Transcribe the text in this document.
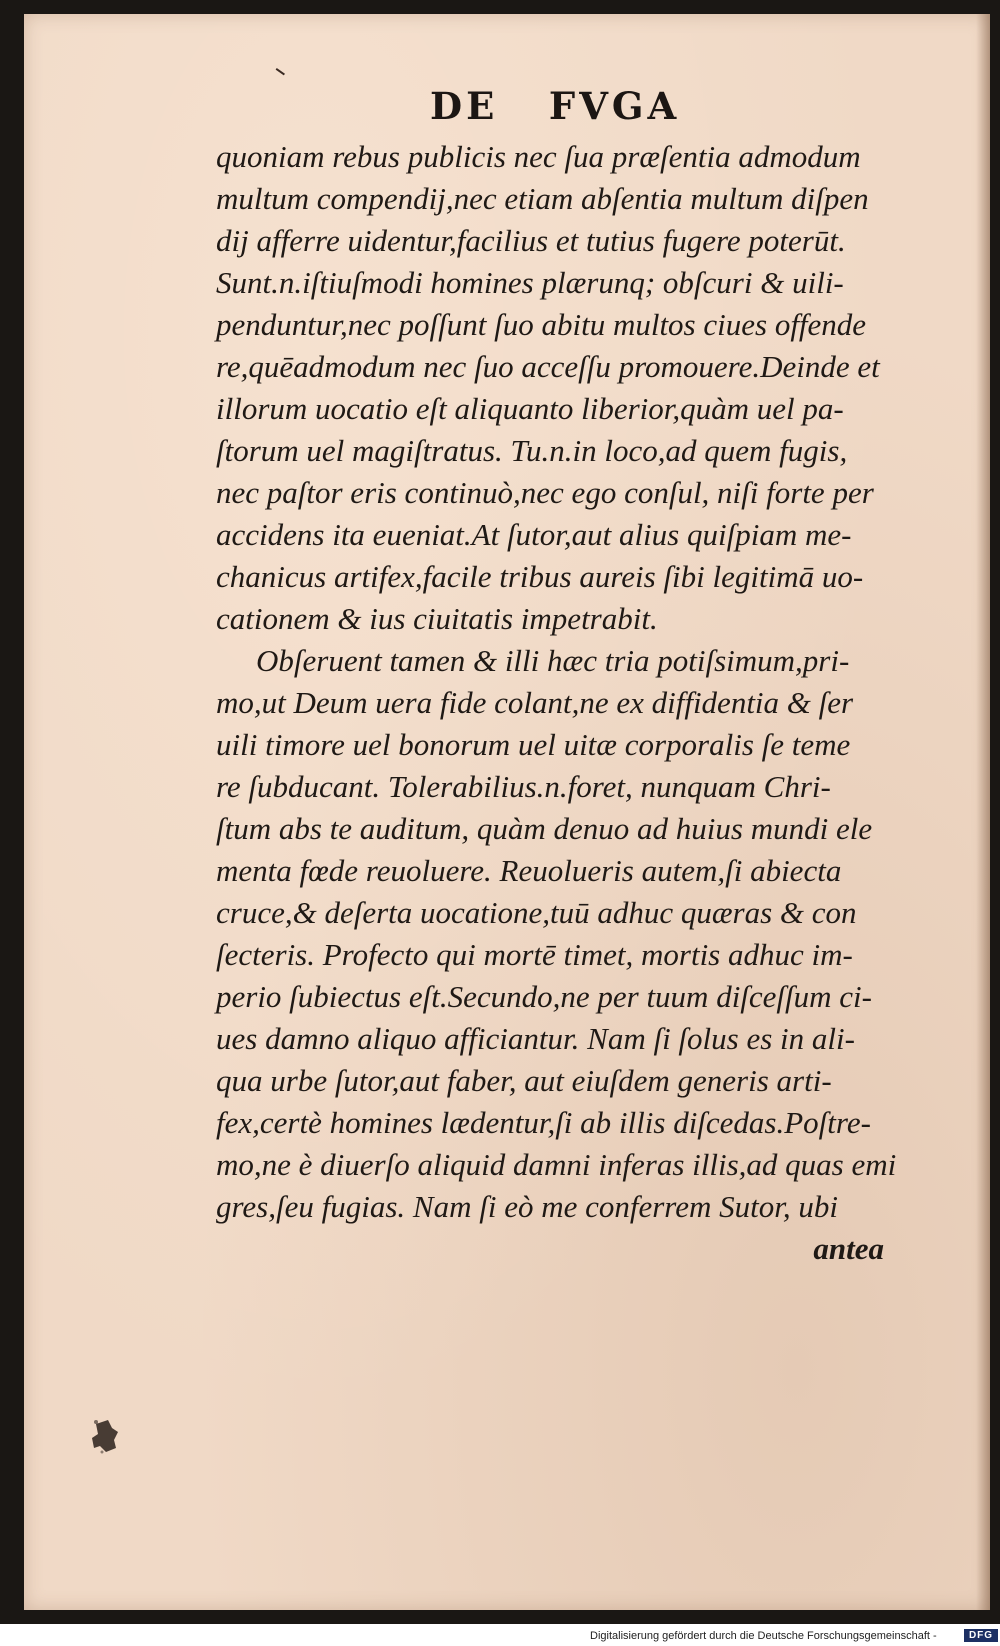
DE   FVGA
quoniam rebus publicis nec ſua præſentia admodum
multum compendij,nec etiam abſentia multum diſpen
dij afferre uidentur,facilius et tutius fugere poterūt.
Sunt.n.iſtiuſmodi homines plærunq; obſcuri & uili-
penduntur,nec poſſunt ſuo abitu multos ciues offende
re,quēadmodum nec ſuo acceſſu promouere.Deinde et
illorum uocatio eſt aliquanto liberior,quàm uel pa-
ſtorum uel magiſtratus. Tu.n.in loco,ad quem fugis,
nec paſtor eris continuò,nec ego conſul, niſi forte per
accidens ita eueniat.At ſutor,aut alius quiſpiam me-
chanicus artifex,facile tribus aureis ſibi legitimā uo-
cationem & ius ciuitatis impetrabit.
Obſeruent tamen & illi hæc tria potiſsimum,pri-
mo,ut Deum uera fide colant,ne ex diffidentia & ſer
uili timore uel bonorum uel uitæ corporalis ſe teme
re ſubducant. Tolerabilius.n.foret, nunquam Chri-
ſtum abs te auditum, quàm denuo ad huius mundi ele
menta fœde reuoluere. Reuolueris autem,ſi abiecta
cruce,& deſerta uocatione,tuū adhuc quæras & con
ſecteris. Profecto qui mortē timet, mortis adhuc im-
perio ſubiectus eſt.Secundo,ne per tuum diſceſſum ci-
ues damno aliquo afficiantur. Nam ſi ſolus es in ali-
qua urbe ſutor,aut faber, aut eiuſdem generis arti-
fex,certè homines lædentur,ſi ab illis diſcedas.Poſtre-
mo,ne è diuerſo aliquid damni inferas illis,ad quas emi
gres,ſeu fugias. Nam ſi eò me conferrem Sutor, ubi
antea
Digitalisierung gefördert durch die Deutsche Forschungsgemeinschaft -	DFG
